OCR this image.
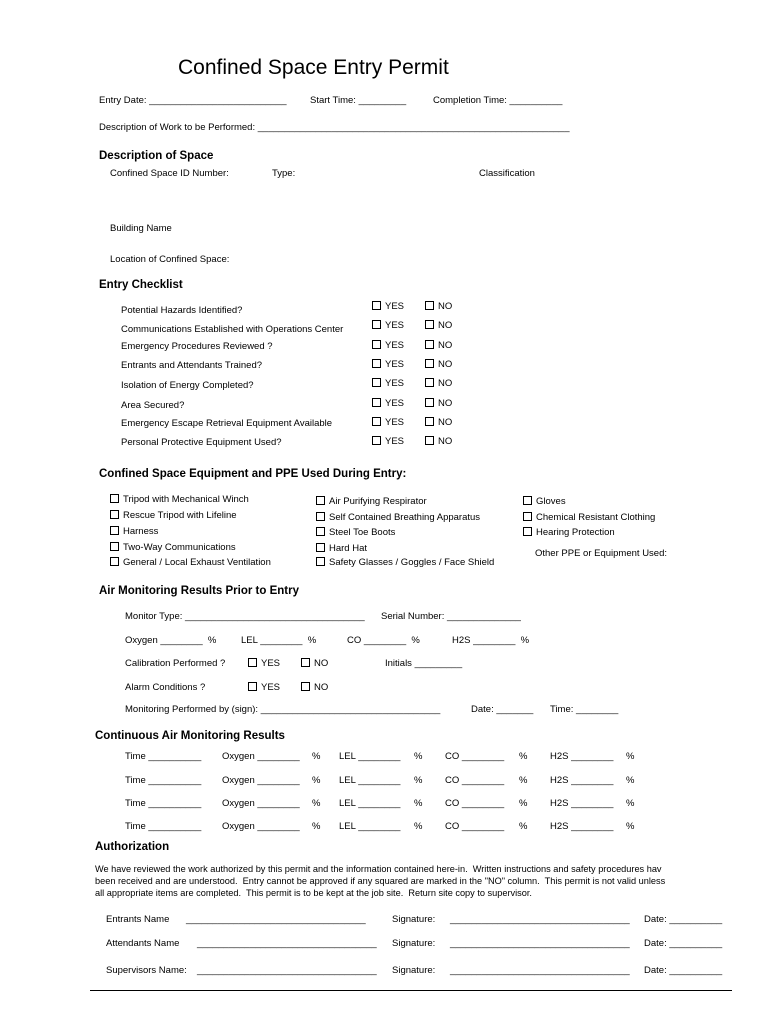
Confined Space Entry Permit
Entry Date: __________________________ Start Time: _________	Completion Time: __________
Description of Work to be Performed: ___________________________________________________________
Description of Space
Confined Space ID Number:	Type:	Classification
Building Name
Location of Confined Space:
Entry Checklist
Potential Hazards Identified?	YES	NO
Communications Established with Operations Center	YES	NO
Emergency Procedures Reviewed ?	YES	NO
Entrants and Attendants Trained?	YES	NO
Isolation of Energy Completed?	YES	NO
Area Secured?	YES	NO
Emergency Escape Retrieval Equipment Available	YES	NO
Personal Protective Equipment Used?	YES	NO
Confined Space Equipment and PPE Used During Entry:
Tripod with Mechanical Winch
Rescue Tripod with Lifeline
Harness
Two-Way Communications
General / Local Exhaust Ventilation
Air Purifying Respirator
Self Contained Breathing Apparatus
Steel Toe Boots
Hard Hat
Safety Glasses / Goggles / Face Shield
Gloves
Chemical Resistant Clothing
Hearing Protection
Other PPE or Equipment Used:
Air Monitoring Results Prior to Entry
Monitor Type: __________________________________ Serial Number: ______________
Oxygen ________  %	LEL ________  %	CO ________  %	H2S ________  %
Calibration Performed ?	YES	NO	Initials _________
Alarm Conditions ?	YES	NO
Monitoring Performed by (sign): __________________________________	Date: _______ Time: ________
Continuous Air Monitoring Results
Time __________ Oxygen ________ % LEL ________ % CO ________ % H2S ________ %
Time __________ Oxygen ________ % LEL ________ % CO ________ % H2S ________ %
Time __________ Oxygen ________ % LEL ________ % CO ________ % H2S ________ %
Time __________ Oxygen ________ % LEL ________ % CO ________ % H2S ________ %
Authorization
We have reviewed the work authorized by this permit and the information contained here-in.  Written instructions and safety procedures hav
been received and are understood.  Entry cannot be approved if any squared are marked in the "NO" column.  This permit is not valid unless
all appropriate items are completed.  This permit is to be kept at the job site.  Return site copy to supervisor.
Entrants Name __________________________________	Signature: __________________________________ Date: __________
Attendants Name __________________________________ Signature: __________________________________ Date: __________
Supervisors Name: __________________________________ Signature: __________________________________ Date: __________
